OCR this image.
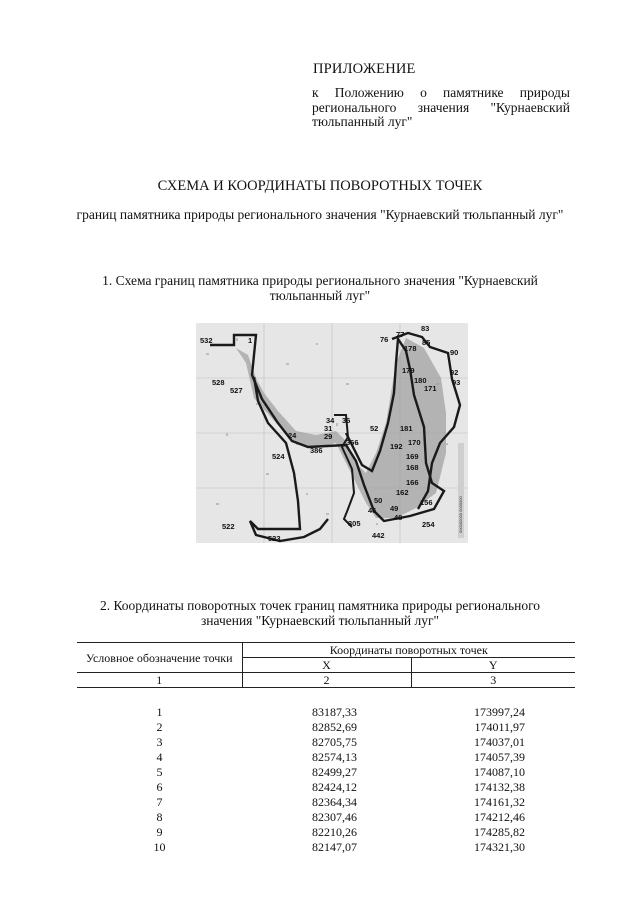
ПРИЛОЖЕНИЕ
к Положению о памятнике природы регионального значения "Курнаевский тюльпанный луг"
СХЕМА И КООРДИНАТЫ ПОВОРОТНЫХ ТОЧЕК
границ памятника природы регионального значения "Курнаевский тюльпанный луг"
1. Схема границ памятника природы регионального значения "Курнаевский тюльпанный луг"
532	1
528
527
24
524
386
34 36
31
29
366
52
522
523
305
442
46 49
48
50
254
76
77
83
85
178	90
179
180
92
93
171
181
170
192
169
168
166
162
156	000000000 0000000
2. Координаты поворотных точек границ памятника природы регионального значения "Курнаевский тюльпанный луг"
Условное обозначение точки	Координаты поворотных точек	
	X	Y
1	2	3

1	83187,33	173997,24
2	82852,69	174011,97
3	82705,75	174037,01
4	82574,13	174057,39
5	82499,27	174087,10
6	82424,12	174132,38
7	82364,34	174161,32
8	82307,46	174212,46
9	82210,26	174285,82
10	82147,07	174321,30
